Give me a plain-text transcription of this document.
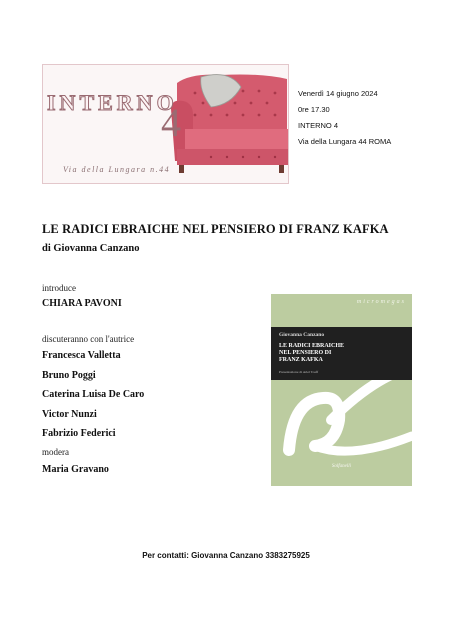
INTERNO
4
Via della Lungara n.44
Venerdì 14 giugno 2024
0re 17.30
INTERNO 4
Via della Lungara 44 ROMA
LE RADICI EBRAICHE NEL PENSIERO DI FRANZ KAFKA
di Giovanna Canzano
introduce
CHIARA PAVONI
discuteranno con l'autrice
Francesca Valletta
Bruno Poggi
Caterina Luisa De Caro
Victor Nunzi
Fabrizio Federici
modera
Maria Gravano
micromegas
Giovanna Canzano
LE RADICI EBRAICHE
NEL PENSIERO DI
FRANZ KAFKA
Presentazione di Ariel Toaff
Solfanelli
Per contatti: Giovanna Canzano 3383275925
